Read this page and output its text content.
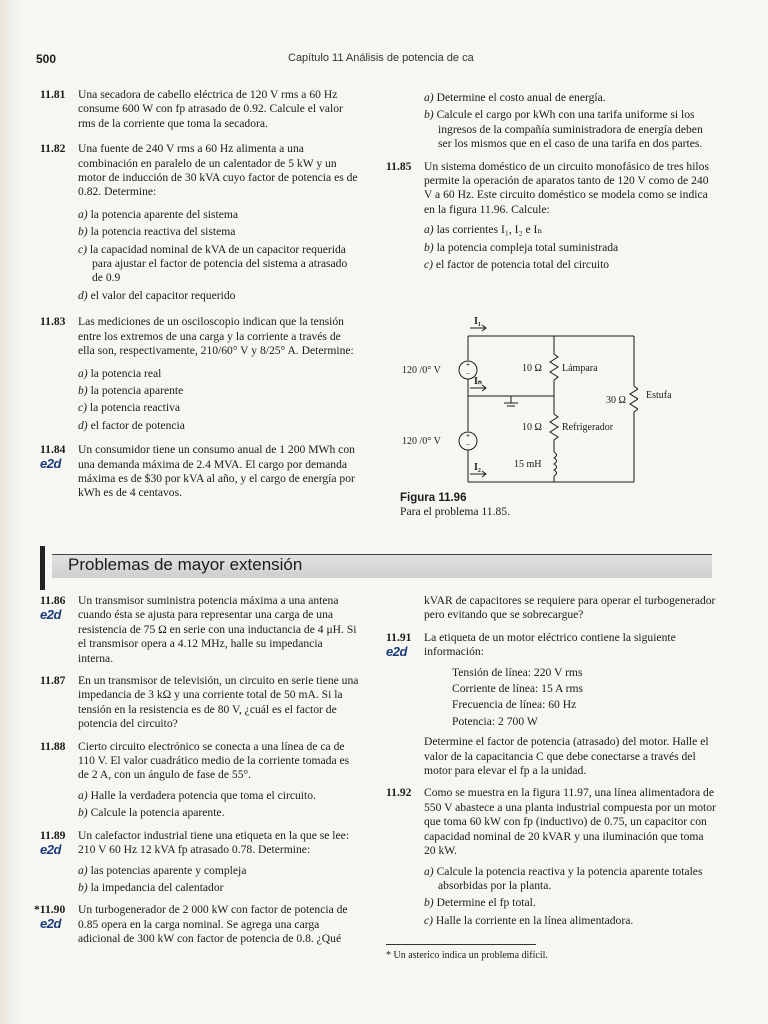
500	Capítulo 11 Análisis de potencia de ca
11.81 Una secadora de cabello eléctrica de 120 V rms a 60 Hz consume 600 W con fp atrasado de 0.92. Calcule el valor rms de la corriente que toma la secadora.
11.82 Una fuente de 240 V rms a 60 Hz alimenta a una combinación en paralelo de un calentador de 5 kW y un motor de inducción de 30 kVA cuyo factor de potencia es de 0.82. Determine:
a) la potencia aparente del sistema
b) la potencia reactiva del sistema
c) la capacidad nominal de kVA de un capacitor requerida para ajustar el factor de potencia del sistema a atrasado de 0.9
d) el valor del capacitor requerido
11.83 Las mediciones de un osciloscopio indican que la tensión entre los extremos de una carga y la corriente a través de ella son, respectivamente, 210/60° V y 8/25° A. Determine:
a) la potencia real
b) la potencia aparente
c) la potencia reactiva
d) el factor de potencia
11.84
e2d
Un consumidor tiene un consumo anual de 1 200 MWh con una demanda máxima de 2.4 MVA. El cargo por demanda máxima es de $30 por kVA al año, y el cargo de energía por kWh es de 4 centavos.
a) Determine el costo anual de energía.
b) Calcule el cargo por kWh con una tarifa uniforme si los ingresos de la compañía suministradora de energía deben ser los mismos que en el caso de una tarifa en dos partes.
11.85 Un sistema doméstico de un circuito monofásico de tres hilos permite la operación de aparatos tanto de 120 V como de 240 V a 60 Hz. Este circuito doméstico se modela como se indica en la figura 11.96. Calcule:
a) las corrientes I₁, I₂ e Iₙ
b) la potencia compleja total suministrada
c) el factor de potencia total del circuito
+
−
+
−
I₁
Iₙ
I₂
120 /0° V
120 /0° V
10 Ω Lámpara
10 Ω Refrigerador
30 Ω
15 mH
Estufa
Figura 11.96
Para el problema 11.85.
Problemas de mayor extensión
11.86
e2d
Un transmisor suministra potencia máxima a una antena cuando ésta se ajusta para representar una carga de una resistencia de 75 Ω en serie con una inductancia de 4 μH. Si el transmisor opera a 4.12 MHz, halle su impedancia interna.
11.87 En un transmisor de televisión, un circuito en serie tiene una impedancia de 3 kΩ y una corriente total de 50 mA. Si la tensión en la resistencia es de 80 V, ¿cuál es el factor de potencia del circuito?
11.88 Cierto circuito electrónico se conecta a una línea de ca de 110 V. El valor cuadrático medio de la corriente tomada es de 2 A, con un ángulo de fase de 55°.
a) Halle la verdadera potencia que toma el circuito.
b) Calcule la potencia aparente.
11.89
e2d
Un calefactor industrial tiene una etiqueta en la que se lee: 210 V 60 Hz 12 kVA fp atrasado 0.78. Determine:
a) las potencias aparente y compleja
b) la impedancia del calentador
*11.90
e2d
Un turbogenerador de 2 000 kW con factor de potencia de 0.85 opera en la carga nominal. Se agrega una carga adicional de 300 kW con factor de potencia de 0.8. ¿Qué
kVAR de capacitores se requiere para operar el turbogenerador pero evitando que se sobrecargue?
11.91
e2d
La etiqueta de un motor eléctrico contiene la siguiente información:
Tensión de línea: 220 V rms
Corriente de línea: 15 A rms
Frecuencia de línea: 60 Hz
Potencia: 2 700 W
Determine el factor de potencia (atrasado) del motor. Halle el valor de la capacitancia C que debe conectarse a través del motor para elevar el fp a la unidad.
11.92 Como se muestra en la figura 11.97, una línea alimentadora de 550 V abastece a una planta industrial compuesta por un motor que toma 60 kW con fp (inductivo) de 0.75, un capacitor con capacidad nominal de 20 kVAR y una iluminación que toma 20 kW.
a) Calcule la potencia reactiva y la potencia aparente totales absorbidas por la planta.
b) Determine el fp total.
c) Halle la corriente en la línea alimentadora.
* Un asterico indica un problema difícil.
